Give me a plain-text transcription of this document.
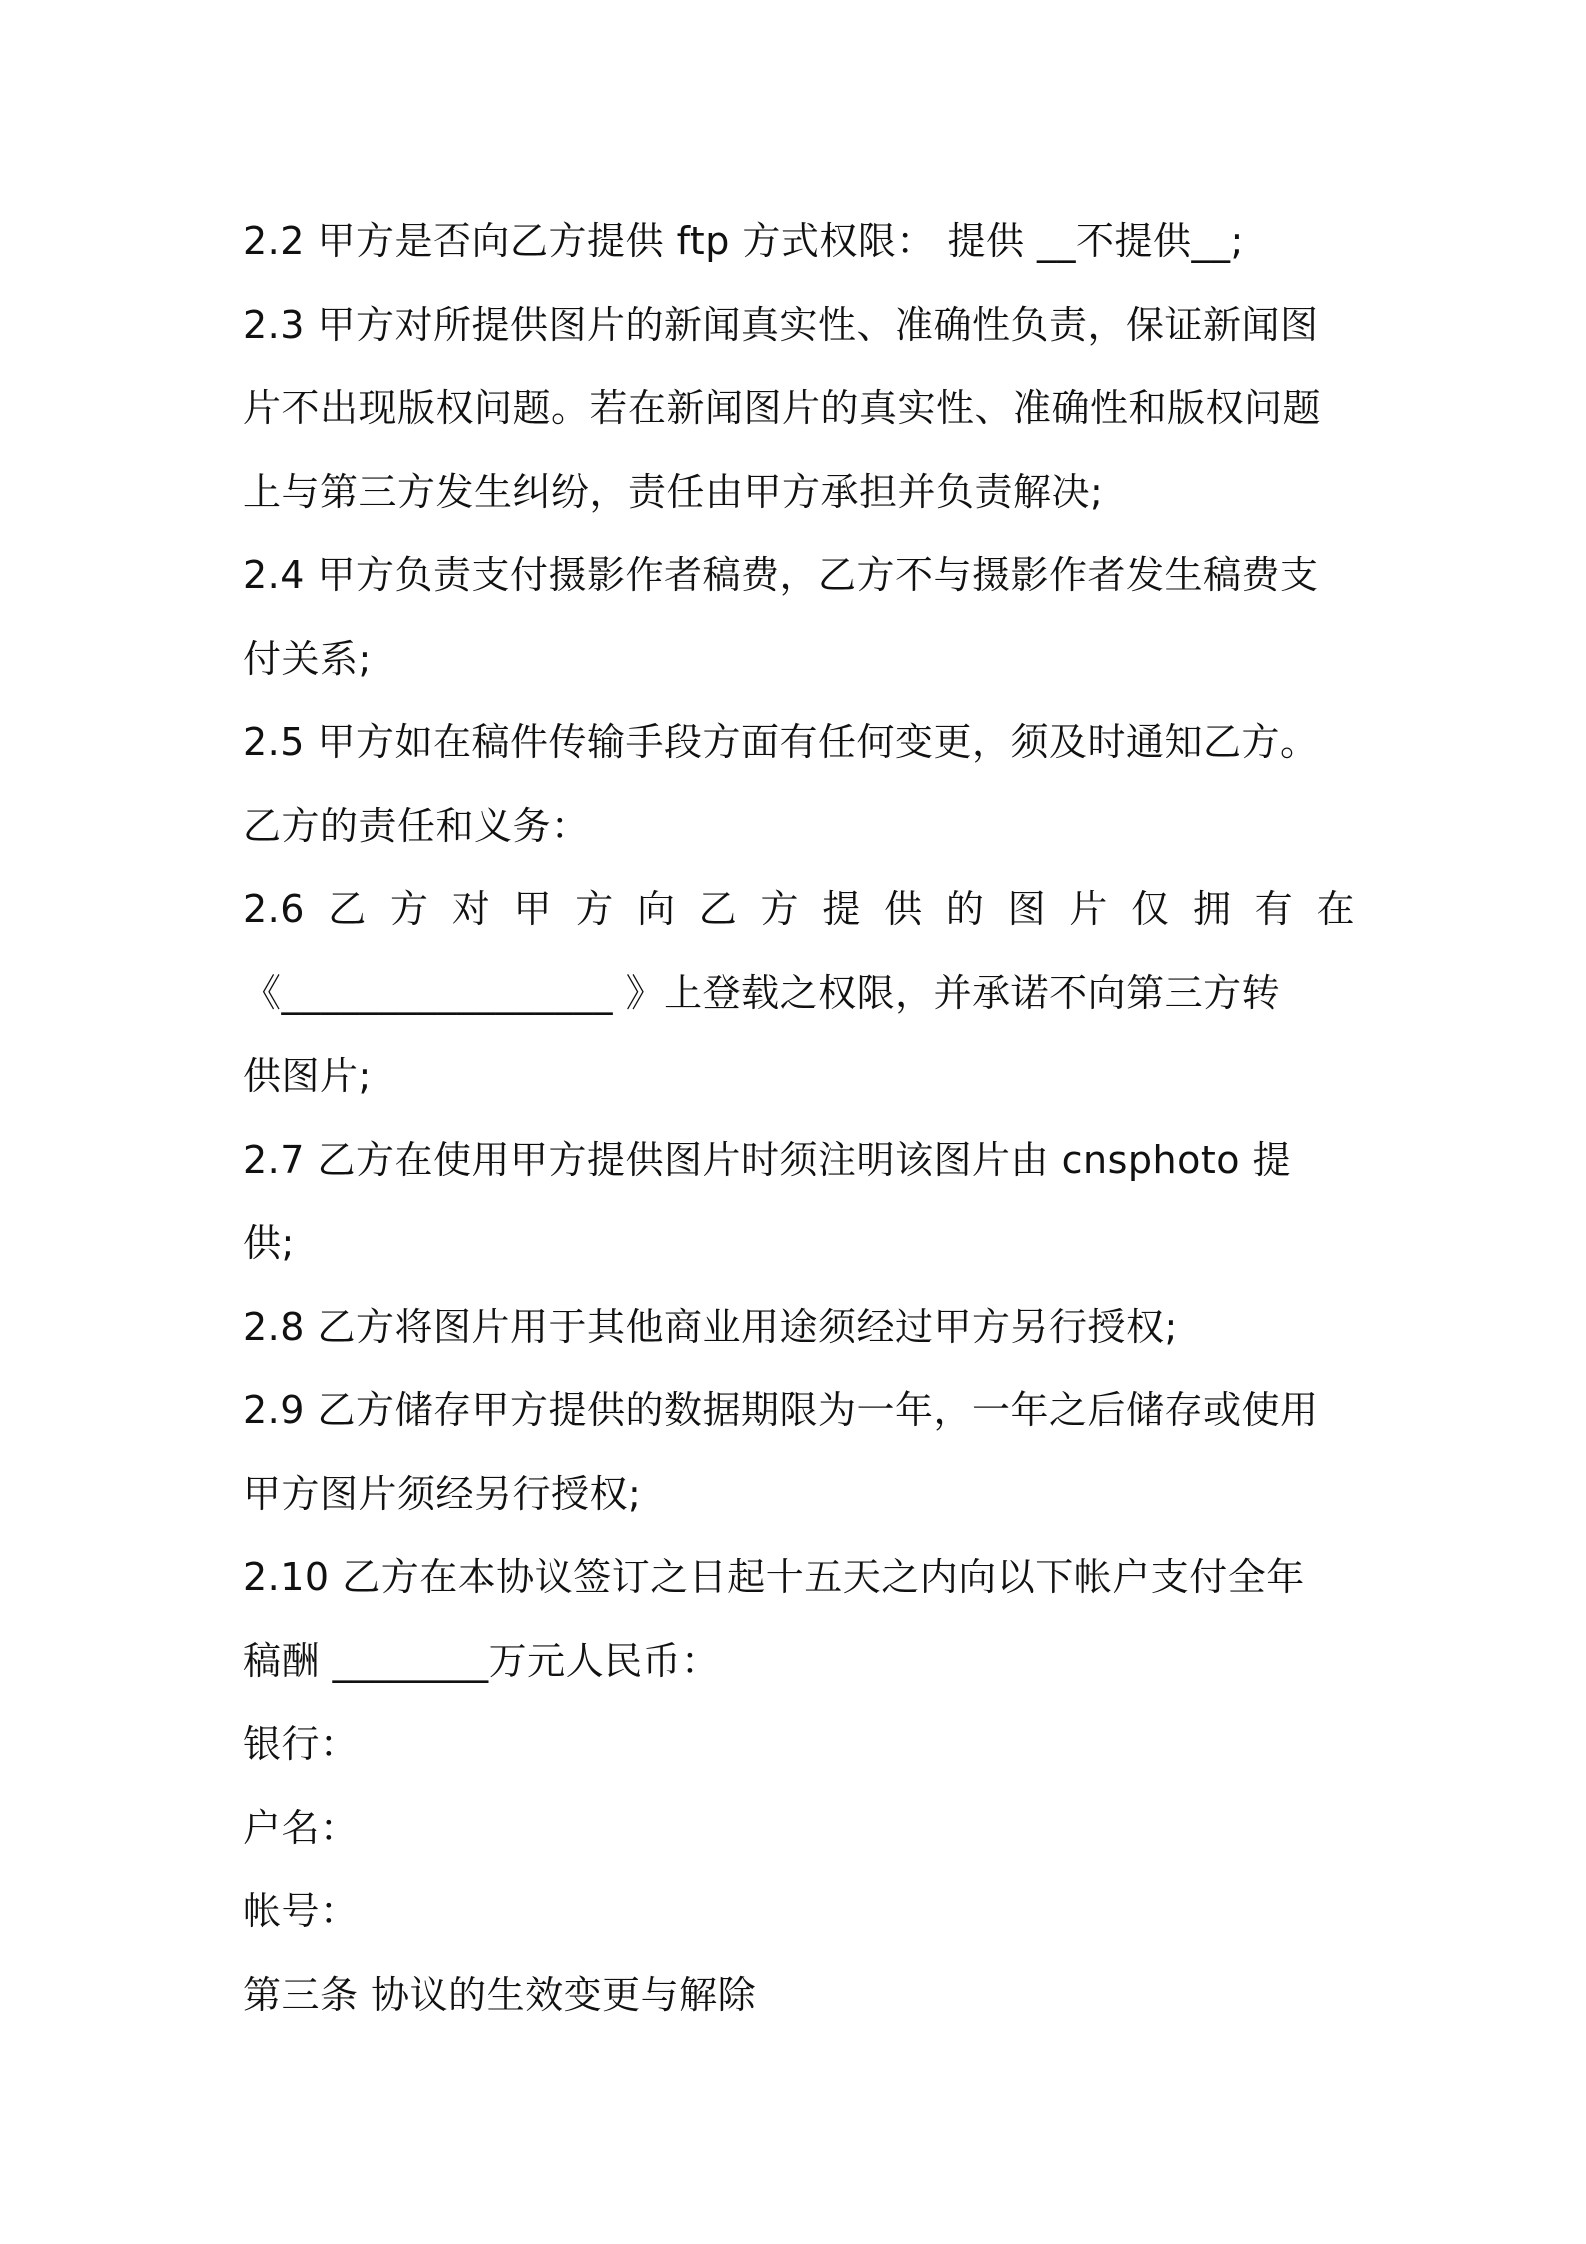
2.2 甲方是否向乙方提供 ftp 方式权限： 提供 __不提供__;
2.3 甲方对所提供图片的新闻真实性、准确性负责，保证新闻图
片不出现版权问题。若在新闻图片的真实性、准确性和版权问题
上与第三方发生纠纷，责任由甲方承担并负责解决;
2.4 甲方负责支付摄影作者稿费，乙方不与摄影作者发生稿费支
付关系;
2.5 甲方如在稿件传输手段方面有任何变更，须及时通知乙方。
乙方的责任和义务：
2.6 乙 方 对 甲 方 向 乙 方 提 供 的 图 片 仅 拥 有 在
《_________________ 》上登载之权限，并承诺不向第三方转
供图片;
2.7 乙方在使用甲方提供图片时须注明该图片由 cnsphoto 提
供;
2.8 乙方将图片用于其他商业用途须经过甲方另行授权;
2.9 乙方储存甲方提供的数据期限为一年，一年之后储存或使用
甲方图片须经另行授权;
2.10 乙方在本协议签订之日起十五天之内向以下帐户支付全年
稿酬 ________万元人民币：
银行：
户名：
帐号：
第三条 协议的生效变更与解除
